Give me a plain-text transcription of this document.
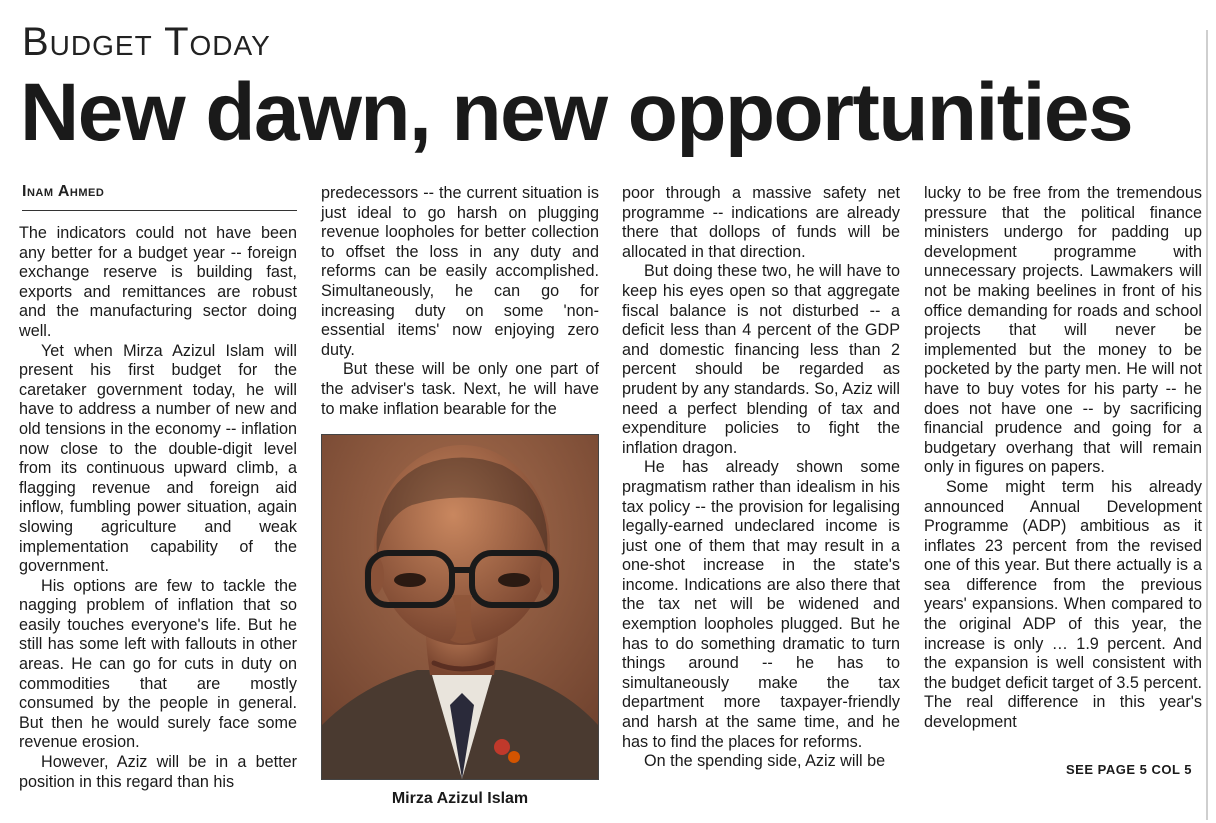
Budget Today
New dawn, new opportunities
Inam Ahmed

The indicators could not have been any better for a budget year -- foreign exchange reserve is building fast, exports and remittances are robust and the manufacturing sector doing well.

Yet when Mirza Azizul Islam will present his first budget for the caretaker government today, he will have to address a number of new and old tensions in the economy -- inflation now close to the double-digit level from its continuous upward climb, a flagging revenue and foreign aid inflow, fumbling power situation, again slowing agriculture and weak implementation capability of the government.

His options are few to tackle the nagging problem of inflation that so easily touches everyone's life. But he still has some left with fallouts in other areas. He can go for cuts in duty on commodities that are mostly consumed by the people in general. But then he would surely face some revenue erosion.

However, Aziz will be in a better position in this regard than his

predecessors -- the current situation is just ideal to go harsh on plugging revenue loopholes for better collection to offset the loss in any duty and reforms can be easily accomplished. Simultaneously, he can go for increasing duty on some 'non-essential items' now enjoying zero duty.

But these will be only one part of the adviser's task. Next, he will have to make inflation bearable for the

Mirza Azizul Islam

poor through a massive safety net programme -- indications are already there that dollops of funds will be allocated in that direction.

But doing these two, he will have to keep his eyes open so that aggregate fiscal balance is not disturbed -- a deficit less than 4 percent of the GDP and domestic financing less than 2 percent should be regarded as prudent by any standards. So, Aziz will need a perfect blending of tax and expenditure policies to fight the inflation dragon.

He has already shown some pragmatism rather than idealism in his tax policy -- the provision for legalising legally-earned undeclared income is just one of them that may result in a one-shot increase in the state's income. Indications are also there that the tax net will be widened and exemption loopholes plugged. But he has to do something dramatic to turn things around -- he has to simultaneously make the tax department more taxpayer-friendly and harsh at the same time, and he has to find the places for reforms.

On the spending side, Aziz will be

lucky to be free from the tremendous pressure that the political finance ministers undergo for padding up development programme with unnecessary projects. Lawmakers will not be making beelines in front of his office demanding for roads and school projects that will never be implemented but the money to be pocketed by the party men. He will not have to buy votes for his party -- he does not have one -- by sacrificing financial prudence and going for a budgetary overhang that will remain only in figures on papers.

Some might term his already announced Annual Development Programme (ADP) ambitious as it inflates 23 percent from the revised one of this year. But there actually is a sea difference from the previous years' expansions. When compared to the original ADP of this year, the increase is only … 1.9 percent. And the expansion is well consistent with the budget deficit target of 3.5 percent. The real difference in this year's development

SEE PAGE 5 COL 5
